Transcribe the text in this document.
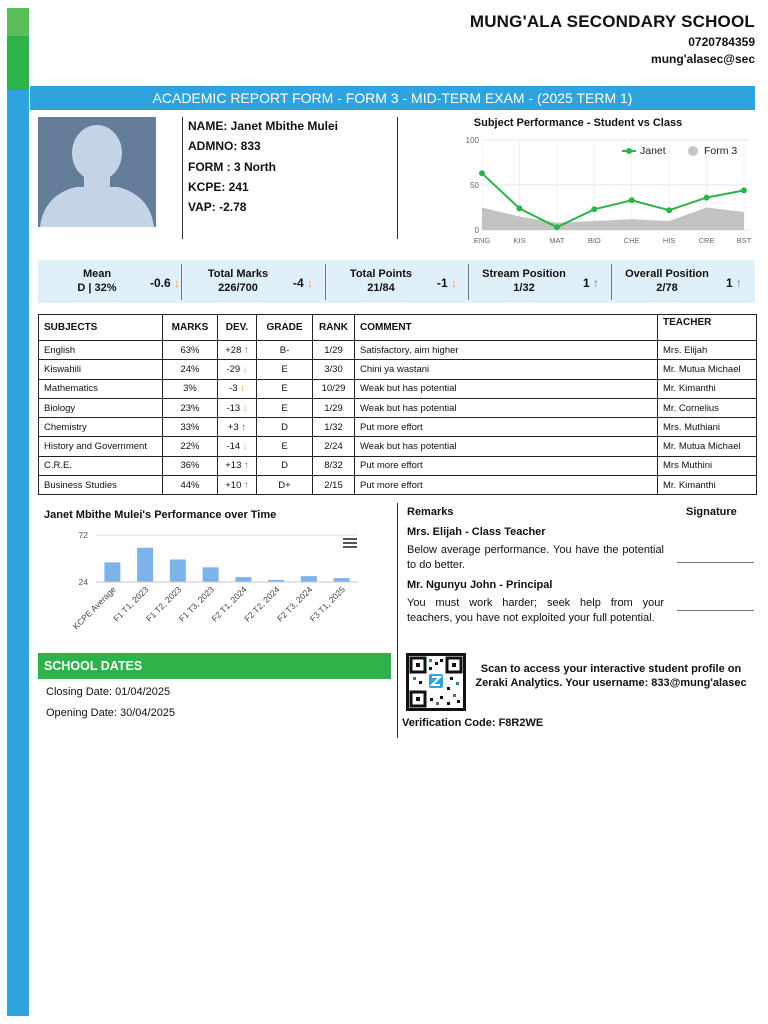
MUNG'ALA SECONDARY SCHOOL
0720784359
mung'alasec@sec
ACADEMIC REPORT FORM - FORM 3 - MID-TERM EXAM - (2025 TERM 1)
NAME: Janet Mbithe Mulei
ADMNO: 833
FORM : 3 North
KCPE: 241
VAP: -2.78
Subject Performance - Student vs Class
0
50
100
ENG	KIS	MAT	BIO	CHE	HIS	CRE	BST
Janet	Form 3
Mean
D | 32%	-0.6 ↓
Total Marks
226/700	-4 ↓
Total Points
21/84	-1 ↓
Stream Position
1/32	1 ↑
Overall Position
2/78	1 ↑
SUBJECTS	MARKS	DEV.	GRADE	RANK	COMMENT	TEACHER
English	63%	+28 ↑	B-	1/29	Satisfactory, aim higher	Mrs. Elijah
Kiswahili	24%	-29 ↓	E	3/30	Chini ya wastani	Mr. Mutua Michael
Mathematics	3%	-3 ↓	E	10/29	Weak but has potential	Mr. Kimanthi
Biology	23%	-13 ↓	E	1/29	Weak but has potential	Mr. Cornelius
Chemistry	33%	+3 ↑	D	1/32	Put more effort	Mrs. Muthiani
History and Government	22%	-14 ↓	E	2/24	Weak but has potential	Mr. Mutua Michael
C.R.E.	36%	+13 ↑	D	8/32	Put more effort	Mrs Muthini
Business Studies	44%	+10 ↑	D+	2/15	Put more effort	Mr. Kimanthi
Janet Mbithe Mulei's Performance over Time
24
72
KCPE Average
F1 T1, 2023
F1 T2, 2023
F1 T3, 2023
F2 T1, 2024
F2 T2, 2024
F2 T3, 2024
F3 T1, 2025
SCHOOL DATES
Closing Date: 01/04/2025
Opening Date: 30/04/2025
Remarks	Signature
Mrs. Elijah - Class Teacher
Below average performance. You have the potential to do better.
Mr. Ngunyu John - Principal
You must work harder; seek help from your teachers, you have not exploited your full potential.
Scan to access your interactive student profile on Zeraki Analytics. Your username: 833@mung'alasec
Verification Code: F8R2WE
